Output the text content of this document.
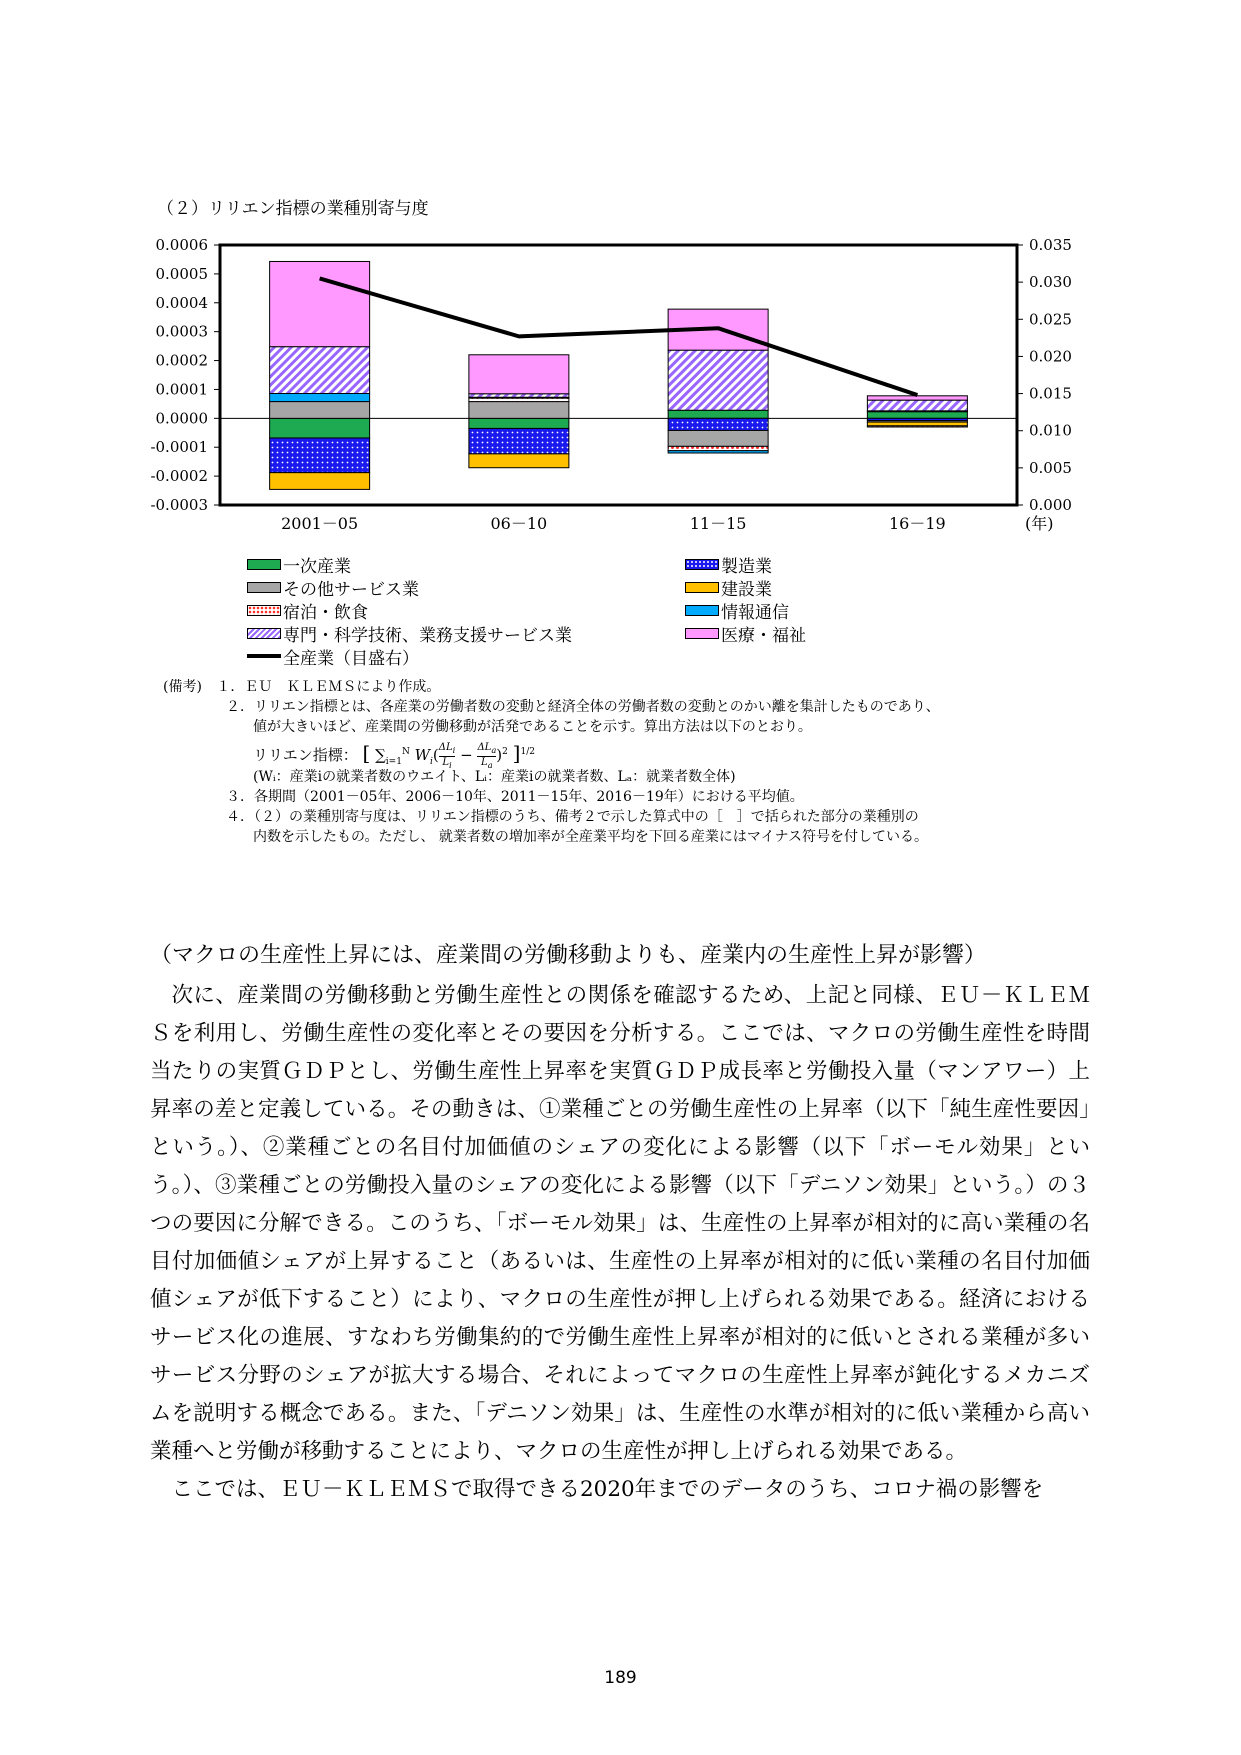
（２）リリエン指標の業種別寄与度
0.0006
0.0005
0.0004
0.0003
0.0002
0.0001
0.0000
-0.0001
-0.0002
-0.0003
0.035
0.030
0.025
0.020
0.015
0.010
0.005
0.000
2001－05	06－10	11－15	16－19	(年)
一次産業	製造業
その他サービス業	建設業
宿泊・飲食	情報通信
専門・科学技術、業務支援サービス業	医療・福祉
全産業（目盛右）
(備考) １．ＥＵ　ＫＬＥＭＳにより作成。
２．リリエン指標とは、各産業の労働者数の変動と経済全体の労働者数の変動とのかい離を集計したものであり、
値が大きいほど、産業間の労働移動が活発であることを示す。算出方法は以下のとおり。
リリエン指標： [ $\sum_{i=1}^N$ $W_i$( $\Delta L_i$
$L_i$
− $\Delta L_a$
$L_a$
)$^2$ ]$^{1/2}$
(Wᵢ：産業iの就業者数のウエイト、Lᵢ：産業iの就業者数、Lₐ：就業者数全体)
３．各期間（2001－05年、2006－10年、2011－15年、2016－19年）における平均値。
４．（２）の業種別寄与度は、リリエン指標のうち、備考２で示した算式中の［　］で括られた部分の業種別の
内数を示したもの。ただし、 就業者数の増加率が全産業平均を下回る産業にはマイナス符号を付している。
（マクロの生産性上昇には、産業間の労働移動よりも、産業内の生産性上昇が影響）

次に、産業間の労働移動と労働生産性との関係を確認するため、上記と同様、ＥＵ－ＫＬＥＭＳを利用し、労働生産性の変化率とその要因を分析する。ここでは、マクロの労働生産性を時間当たりの実質ＧＤＰとし、労働生産性上昇率を実質ＧＤＰ成長率と労働投入量（マンアワー）上昇率の差と定義している。その動きは、①業種ごとの労働生産性の上昇率（以下「純生産性要因」という。）、②業種ごとの名目付加価値のシェアの変化による影響（以下「ボーモル効果」という。）、③業種ごとの労働投入量のシェアの変化による影響（以下「デニソン効果」という。）の３つの要因に分解できる。このうち、「ボーモル効果」は、生産性の上昇率が相対的に高い業種の名目付加価値シェアが上昇すること（あるいは、生産性の上昇率が相対的に低い業種の名目付加価値シェアが低下すること）により、マクロの生産性が押し上げられる効果である。経済におけるサービス化の進展、すなわち労働集約的で労働生産性上昇率が相対的に低いとされる業種が多いサービス分野のシェアが拡大する場合、それによってマクロの生産性上昇率が鈍化するメカニズムを説明する概念である。また、「デニソン効果」は、生産性の水準が相対的に低い業種から高い業種へと労働が移動することにより、マクロの生産性が押し上げられる効果である。

ここでは、ＥＵ－ＫＬＥＭＳで取得できる2020年までのデータのうち、コロナ禍の影響を

189
